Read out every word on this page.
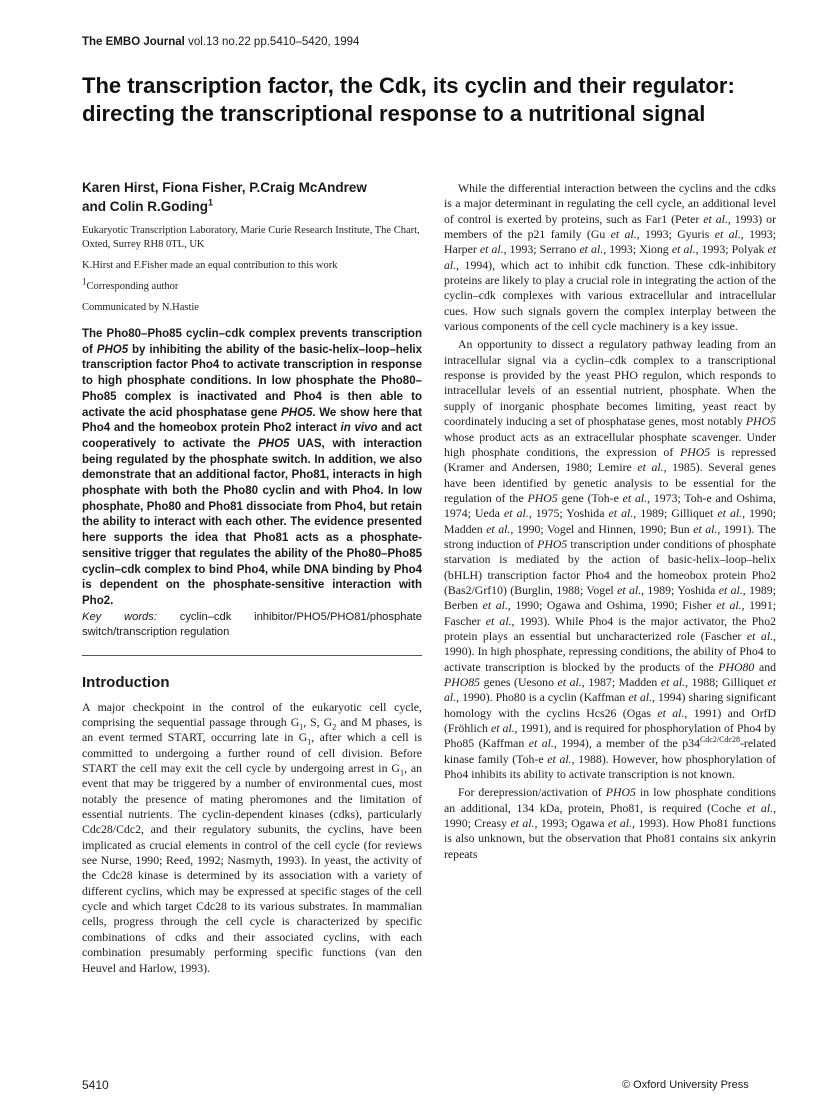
The EMBO Journal vol.13 no.22 pp.5410–5420, 1994
The transcription factor, the Cdk, its cyclin and their regulator: directing the transcriptional response to a nutritional signal
Karen Hirst, Fiona Fisher, P.Craig McAndrew
and Colin R.Goding$^1$
Eukaryotic Transcription Laboratory, Marie Curie Research Institute, The Chart, Oxted, Surrey RH8 0TL, UK
K.Hirst and F.Fisher made an equal contribution to this work
$^1$Corresponding author
Communicated by N.Hastie

The Pho80–Pho85 cyclin–cdk complex prevents transcription of PHO5 by inhibiting the ability of the basic-helix–loop–helix transcription factor Pho4 to activate transcription in response to high phosphate conditions. In low phosphate the Pho80–Pho85 complex is inactivated and Pho4 is then able to activate the acid phosphatase gene PHO5. We show here that Pho4 and the homeobox protein Pho2 interact in vivo and act cooperatively to activate the PHO5 UAS, with interaction being regulated by the phosphate switch. In addition, we also demonstrate that an additional factor, Pho81, interacts in high phosphate with both the Pho80 cyclin and with Pho4. In low phosphate, Pho80 and Pho81 dissociate from Pho4, but retain the ability to interact with each other. The evidence presented here supports the idea that Pho81 acts as a phosphate-sensitive trigger that regulates the ability of the Pho80–Pho85 cyclin–cdk complex to bind Pho4, while DNA binding by Pho4 is dependent on the phosphate-sensitive interaction with Pho2.

Key words: cyclin–cdk inhibitor/PHO5/PHO81/phosphate switch/transcription regulation

Introduction

A major checkpoint in the control of the eukaryotic cell cycle, comprising the sequential passage through $G_1$, S, $G_2$ and M phases, is an event termed START, occurring late in $G_1$, after which a cell is committed to undergoing a further round of cell division. Before START the cell may exit the cell cycle by undergoing arrest in $G_1$, an event that may be triggered by a number of environmental cues, most notably the presence of mating pheromones and the limitation of essential nutrients. The cyclin-dependent kinases (cdks), particularly Cdc28/Cdc2, and their regulatory subunits, the cyclins, have been implicated as crucial elements in control of the cell cycle (for reviews see Nurse, 1990; Reed, 1992; Nasmyth, 1993). In yeast, the activity of the Cdc28 kinase is determined by its association with a variety of different cyclins, which may be expressed at specific stages of the cell cycle and which target Cdc28 to its various substrates. In mammalian cells, progress through the cell cycle is characterized by specific combinations of cdks and their associated cyclins, with each combination presumably performing specific functions (van den Heuvel and Harlow, 1993).

While the differential interaction between the cyclins and the cdks is a major determinant in regulating the cell cycle, an additional level of control is exerted by proteins, such as Far1 (Peter et al., 1993) or members of the p21 family (Gu et al., 1993; Gyuris et al., 1993; Harper et al., 1993; Serrano et al., 1993; Xiong et al., 1993; Polyak et al., 1994), which act to inhibit cdk function. These cdk-inhibitory proteins are likely to play a crucial role in integrating the action of the cyclin–cdk complexes with various extracellular and intracellular cues. How such signals govern the complex interplay between the various components of the cell cycle machinery is a key issue.

An opportunity to dissect a regulatory pathway leading from an intracellular signal via a cyclin–cdk complex to a transcriptional response is provided by the yeast PHO regulon, which responds to intracellular levels of an essential nutrient, phosphate. When the supply of inorganic phosphate becomes limiting, yeast react by coordinately inducing a set of phosphatase genes, most notably PHO5 whose product acts as an extracellular phosphate scavenger. Under high phosphate conditions, the expression of PHO5 is repressed (Kramer and Andersen, 1980; Lemire et al., 1985). Several genes have been identified by genetic analysis to be essential for the regulation of the PHO5 gene (Toh-e et al., 1973; Toh-e and Oshima, 1974; Ueda et al., 1975; Yoshida et al., 1989; Gilliquet et al., 1990; Madden et al., 1990; Vogel and Hinnen, 1990; Bun et al., 1991). The strong induction of PHO5 transcription under conditions of phosphate starvation is mediated by the action of basic-helix–loop–helix (bHLH) transcription factor Pho4 and the homeobox protein Pho2 (Bas2/Grf10) (Burglin, 1988; Vogel et al., 1989; Yoshida et al., 1989; Berben et al., 1990; Ogawa and Oshima, 1990; Fisher et al., 1991; Fascher et al., 1993). While Pho4 is the major activator, the Pho2 protein plays an essential but uncharacterized role (Fascher et al., 1990). In high phosphate, repressing conditions, the ability of Pho4 to activate transcription is blocked by the products of the PHO80 and PHO85 genes (Uesono et al., 1987; Madden et al., 1988; Gilliquet et al., 1990). Pho80 is a cyclin (Kaffman et al., 1994) sharing significant homology with the cyclins Hcs26 (Ogas et al., 1991) and OrfD (Fröhlich et al., 1991), and is required for phosphorylation of Pho4 by Pho85 (Kaffman et al., 1994), a member of the $p34^{Cdc2/Cdc28}$-related kinase family (Toh-e et al., 1988). However, how phosphorylation of Pho4 inhibits its ability to activate transcription is not known.

For derepression/activation of PHO5 in low phosphate conditions an additional, 134 kDa, protein, Pho81, is required (Coche et al., 1990; Creasy et al., 1993; Ogawa et al., 1993). How Pho81 functions is also unknown, but the observation that Pho81 contains six ankyrin repeats

5410	© Oxford University Press
